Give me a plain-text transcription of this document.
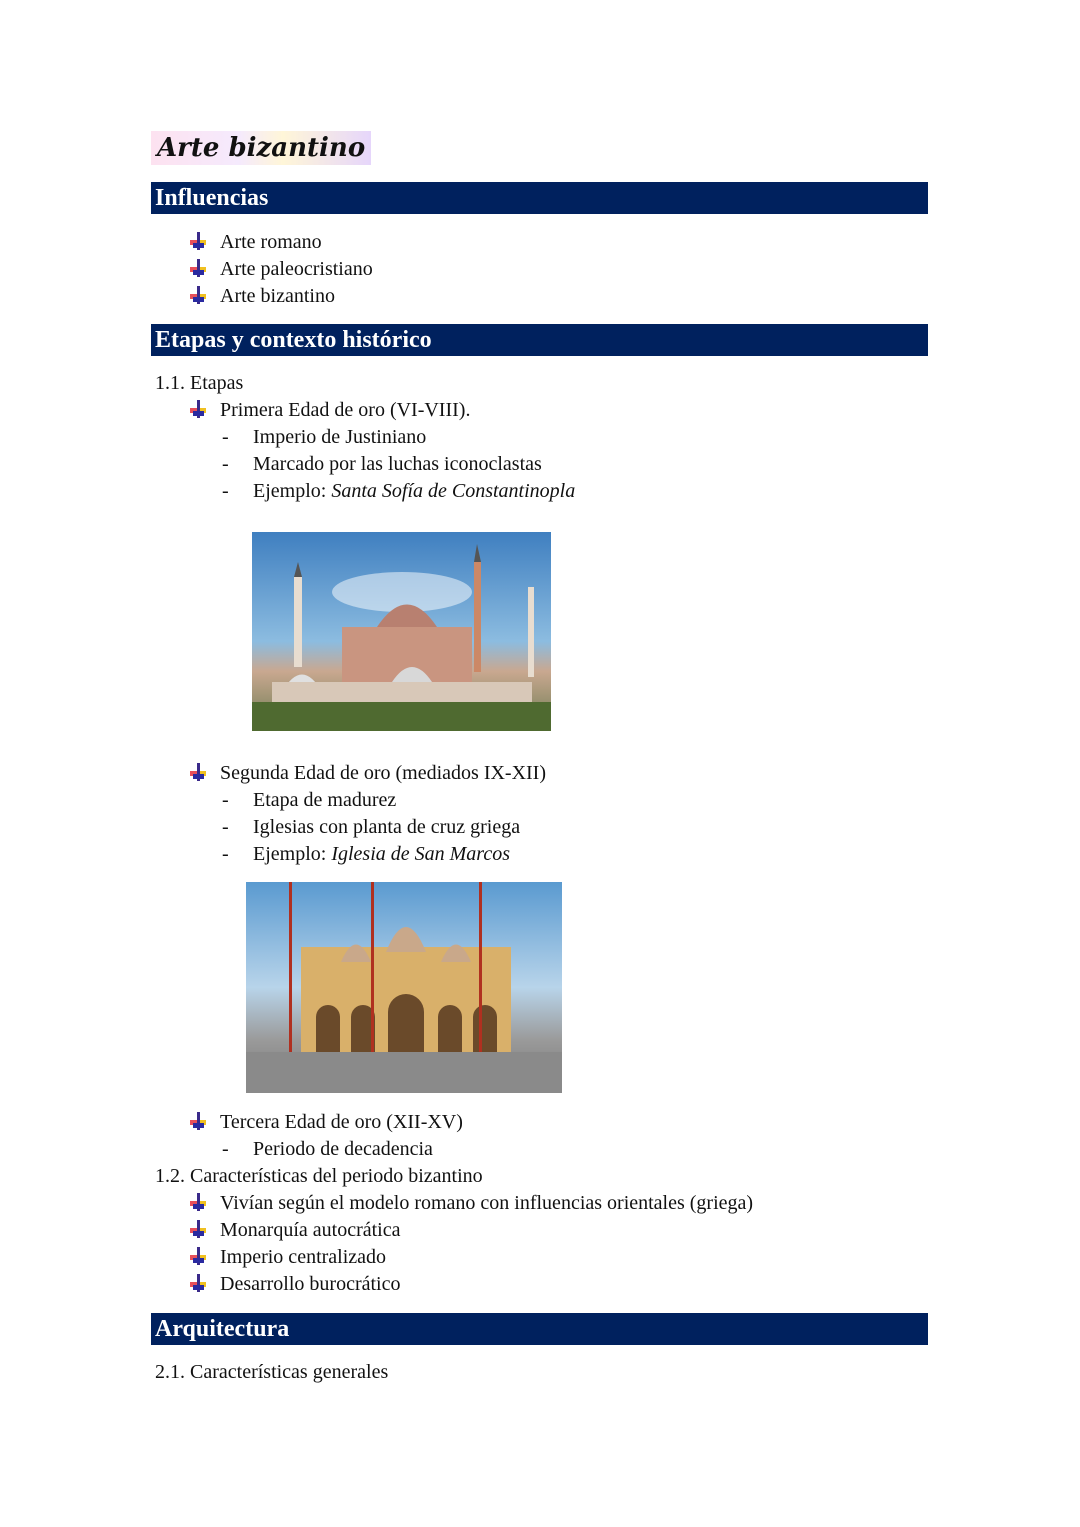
Arte bizantino
Influencias
Arte romano
Arte paleocristiano
Arte bizantino
Etapas y contexto histórico
1.1. Etapas
Primera Edad de oro (VI-VIII).
- Imperio de Justiniano
- Marcado por las luchas iconoclastas
- Ejemplo: Santa Sofía de Constantinopla
Segunda Edad de oro (mediados IX-XII)
- Etapa de madurez
- Iglesias con planta de cruz griega
- Ejemplo: Iglesia de San Marcos
Tercera Edad de oro (XII-XV)
- Periodo de decadencia
1.2. Características del periodo bizantino
Vivían según el modelo romano con influencias orientales (griega)
Monarquía autocrática
Imperio centralizado
Desarrollo burocrático
Arquitectura
2.1. Características generales
